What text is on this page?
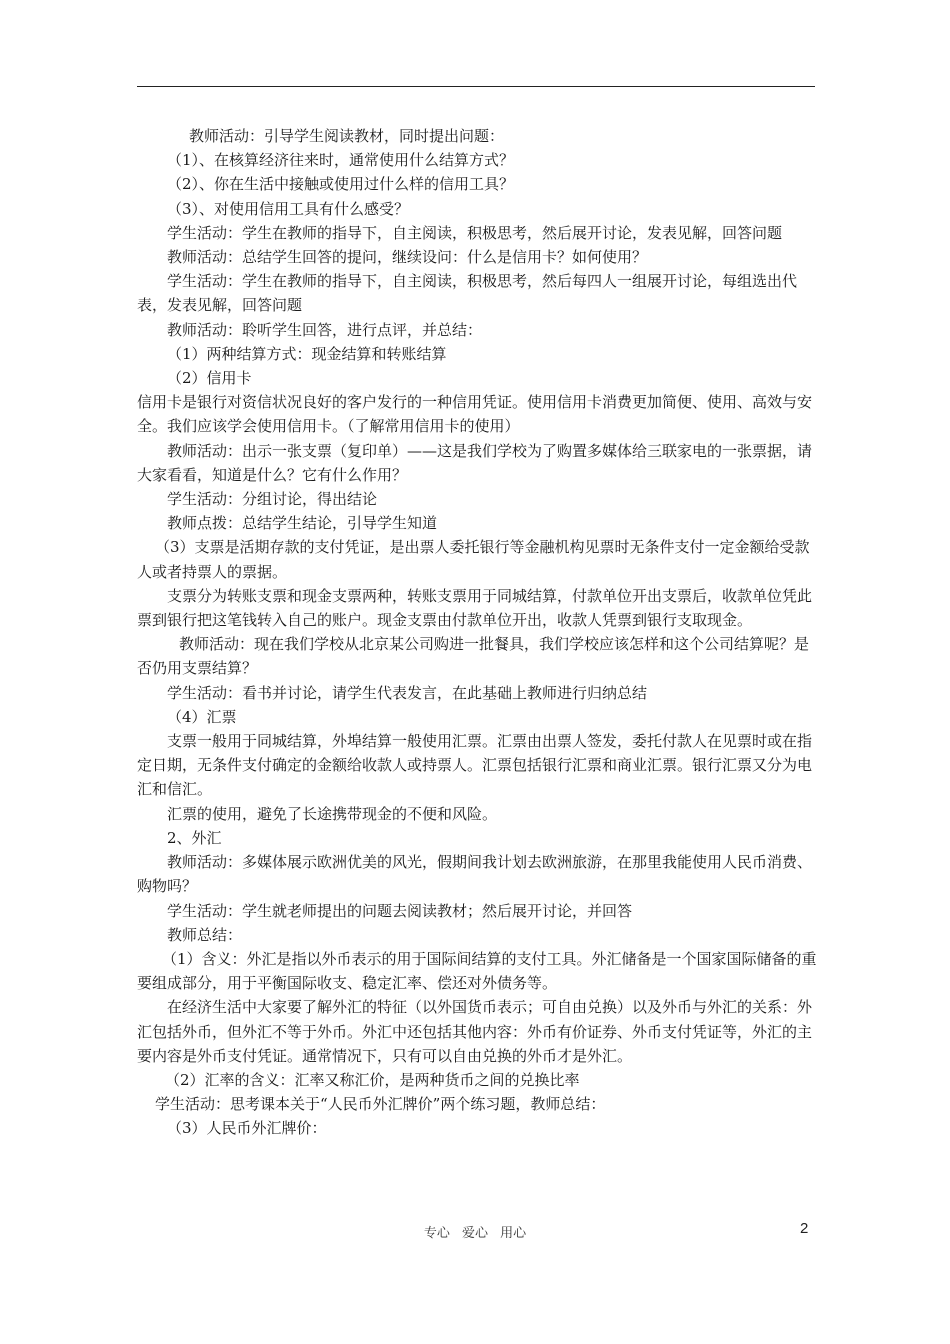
教师活动：引导学生阅读教材，同时提出问题：
（1）、在核算经济往来时，通常使用什么结算方式？
（2）、你在生活中接触或使用过什么样的信用工具？
（3）、对使用信用工具有什么感受？
学生活动：学生在教师的指导下，自主阅读，积极思考，然后展开讨论，发表见解，回答问题
教师活动：总结学生回答的提问，继续设问：什么是信用卡？如何使用？
学生活动：学生在教师的指导下，自主阅读，积极思考，然后每四人一组展开讨论，每组选出代表，发表见解，回答问题
教师活动：聆听学生回答，进行点评，并总结：
（1）两种结算方式：现金结算和转账结算
（2）信用卡
信用卡是银行对资信状况良好的客户发行的一种信用凭证。使用信用卡消费更加简便、使用、高效与安全。我们应该学会使用信用卡。（了解常用信用卡的使用）
教师活动：出示一张支票（复印单）——这是我们学校为了购置多媒体给三联家电的一张票据，请大家看看，知道是什么？它有什么作用？
学生活动：分组讨论，得出结论
教师点拨：总结学生结论，引导学生知道
（3）支票是活期存款的支付凭证，是出票人委托银行等金融机构见票时无条件支付一定金额给受款人或者持票人的票据。
支票分为转账支票和现金支票两种，转账支票用于同城结算，付款单位开出支票后，收款单位凭此票到银行把这笔钱转入自己的账户。现金支票由付款单位开出，收款人凭票到银行支取现金。
教师活动：现在我们学校从北京某公司购进一批餐具，我们学校应该怎样和这个公司结算呢？是否仍用支票结算？
学生活动：看书并讨论，请学生代表发言，在此基础上教师进行归纳总结
（4）汇票
支票一般用于同城结算，外埠结算一般使用汇票。汇票由出票人签发，委托付款人在见票时或在指定日期，无条件支付确定的金额给收款人或持票人。汇票包括银行汇票和商业汇票。银行汇票又分为电汇和信汇。
汇票的使用，避免了长途携带现金的不便和风险。
2、外汇
教师活动：多媒体展示欧洲优美的风光，假期间我计划去欧洲旅游，在那里我能使用人民币消费、购物吗？
学生活动：学生就老师提出的问题去阅读教材；然后展开讨论，并回答
教师总结：
（1）含义：外汇是指以外币表示的用于国际间结算的支付工具。外汇储备是一个国家国际储备的重要组成部分，用于平衡国际收支、稳定汇率、偿还对外债务等。
在经济生活中大家要了解外汇的特征（以外国货币表示；可自由兑换）以及外币与外汇的关系：外汇包括外币，但外汇不等于外币。外汇中还包括其他内容：外币有价证券、外币支付凭证等，外汇的主要内容是外币支付凭证。通常情况下，只有可以自由兑换的外币才是外汇。
（2）汇率的含义：汇率又称汇价，是两种货币之间的兑换比率
学生活动：思考课本关于“人民币外汇牌价”两个练习题，教师总结：
（3）人民币外汇牌价：
专心 爱心 用心	2
